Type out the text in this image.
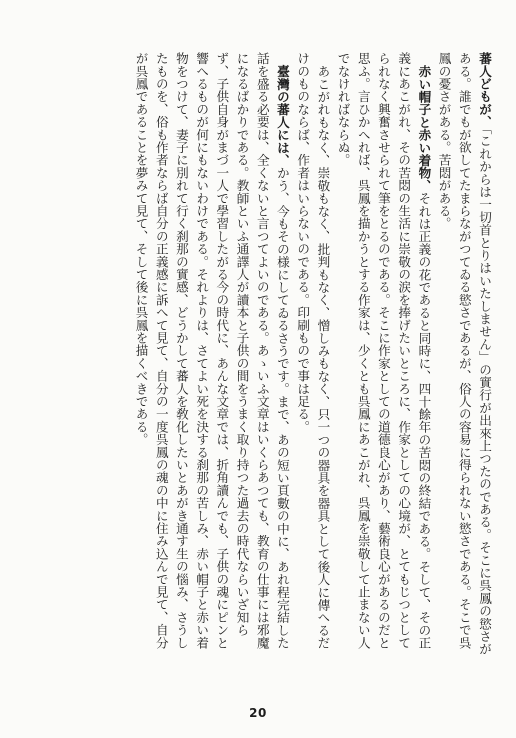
蕃人どもが、「これからは一切首とりはいたしません」の實行が出來上つたのである。そこに呉鳳の慾さがある。誰でもが欲してたまらながつてゐる慾さであるが、俗人の容易に得られない慾さである。そこで呉鳳の憂さがある。苦悶がある。

赤い帽子と赤い着物、それは正義の花であると同時に、四十餘年の苦悶の終結である。そして、その正義にあこがれ、その苦悶の生活に崇敬の涙を捧げたいところに、作家としての心境が、とてもじつとしてられなく興奮させられて筆をとるのである。そこに作家としての道德良心があり、藝術良心があるのだと思ふ。言ひかへれば、呉鳳を描かうとする作家は、少くとも呉鳳にあこがれ、呉鳳を崇敬して止まない人でなければならぬ。

あこがれもなく、崇敬もなく、批判もなく、憎しみもなく、只一つの器具を器具として後人に傳へるだけのものならば、作者はいらないのである。印刷もので事は足る。

臺灣の蕃人には、かう、今もその様にしてゐるさうです。まで、あの短い頁數の中に、あれ程完結した話を盛る必要は、全くないと言つてよいのである。あゝいふ文章はいくらあつても、教育の仕事には邪魔になるばかりである。教師といふ通譯人が讀本と子供の間をうまく取り持つた過去の時代ならいざ知らず、子供自身がまづ一人で學習したがる今の時代に、あんな文章では、折角讀んでも、子供の魂にピンと響へるものが何にもないわけである。それよりは、さてよい死を決する刹那の苦しみ、赤い帽子と赤い着物をつけて、妻子に別れて行く刹那の實感、どうかして蕃人を敎化したいとあがき通す生の惱み、さうしたものを、俗も作者ならば自分の正義感に訴へて見て、自分の一度呉鳳の魂の中に住み込んで見て、自分が呉鳳であることを夢みて見て、そして後に呉鳳を描くべきである。

20
